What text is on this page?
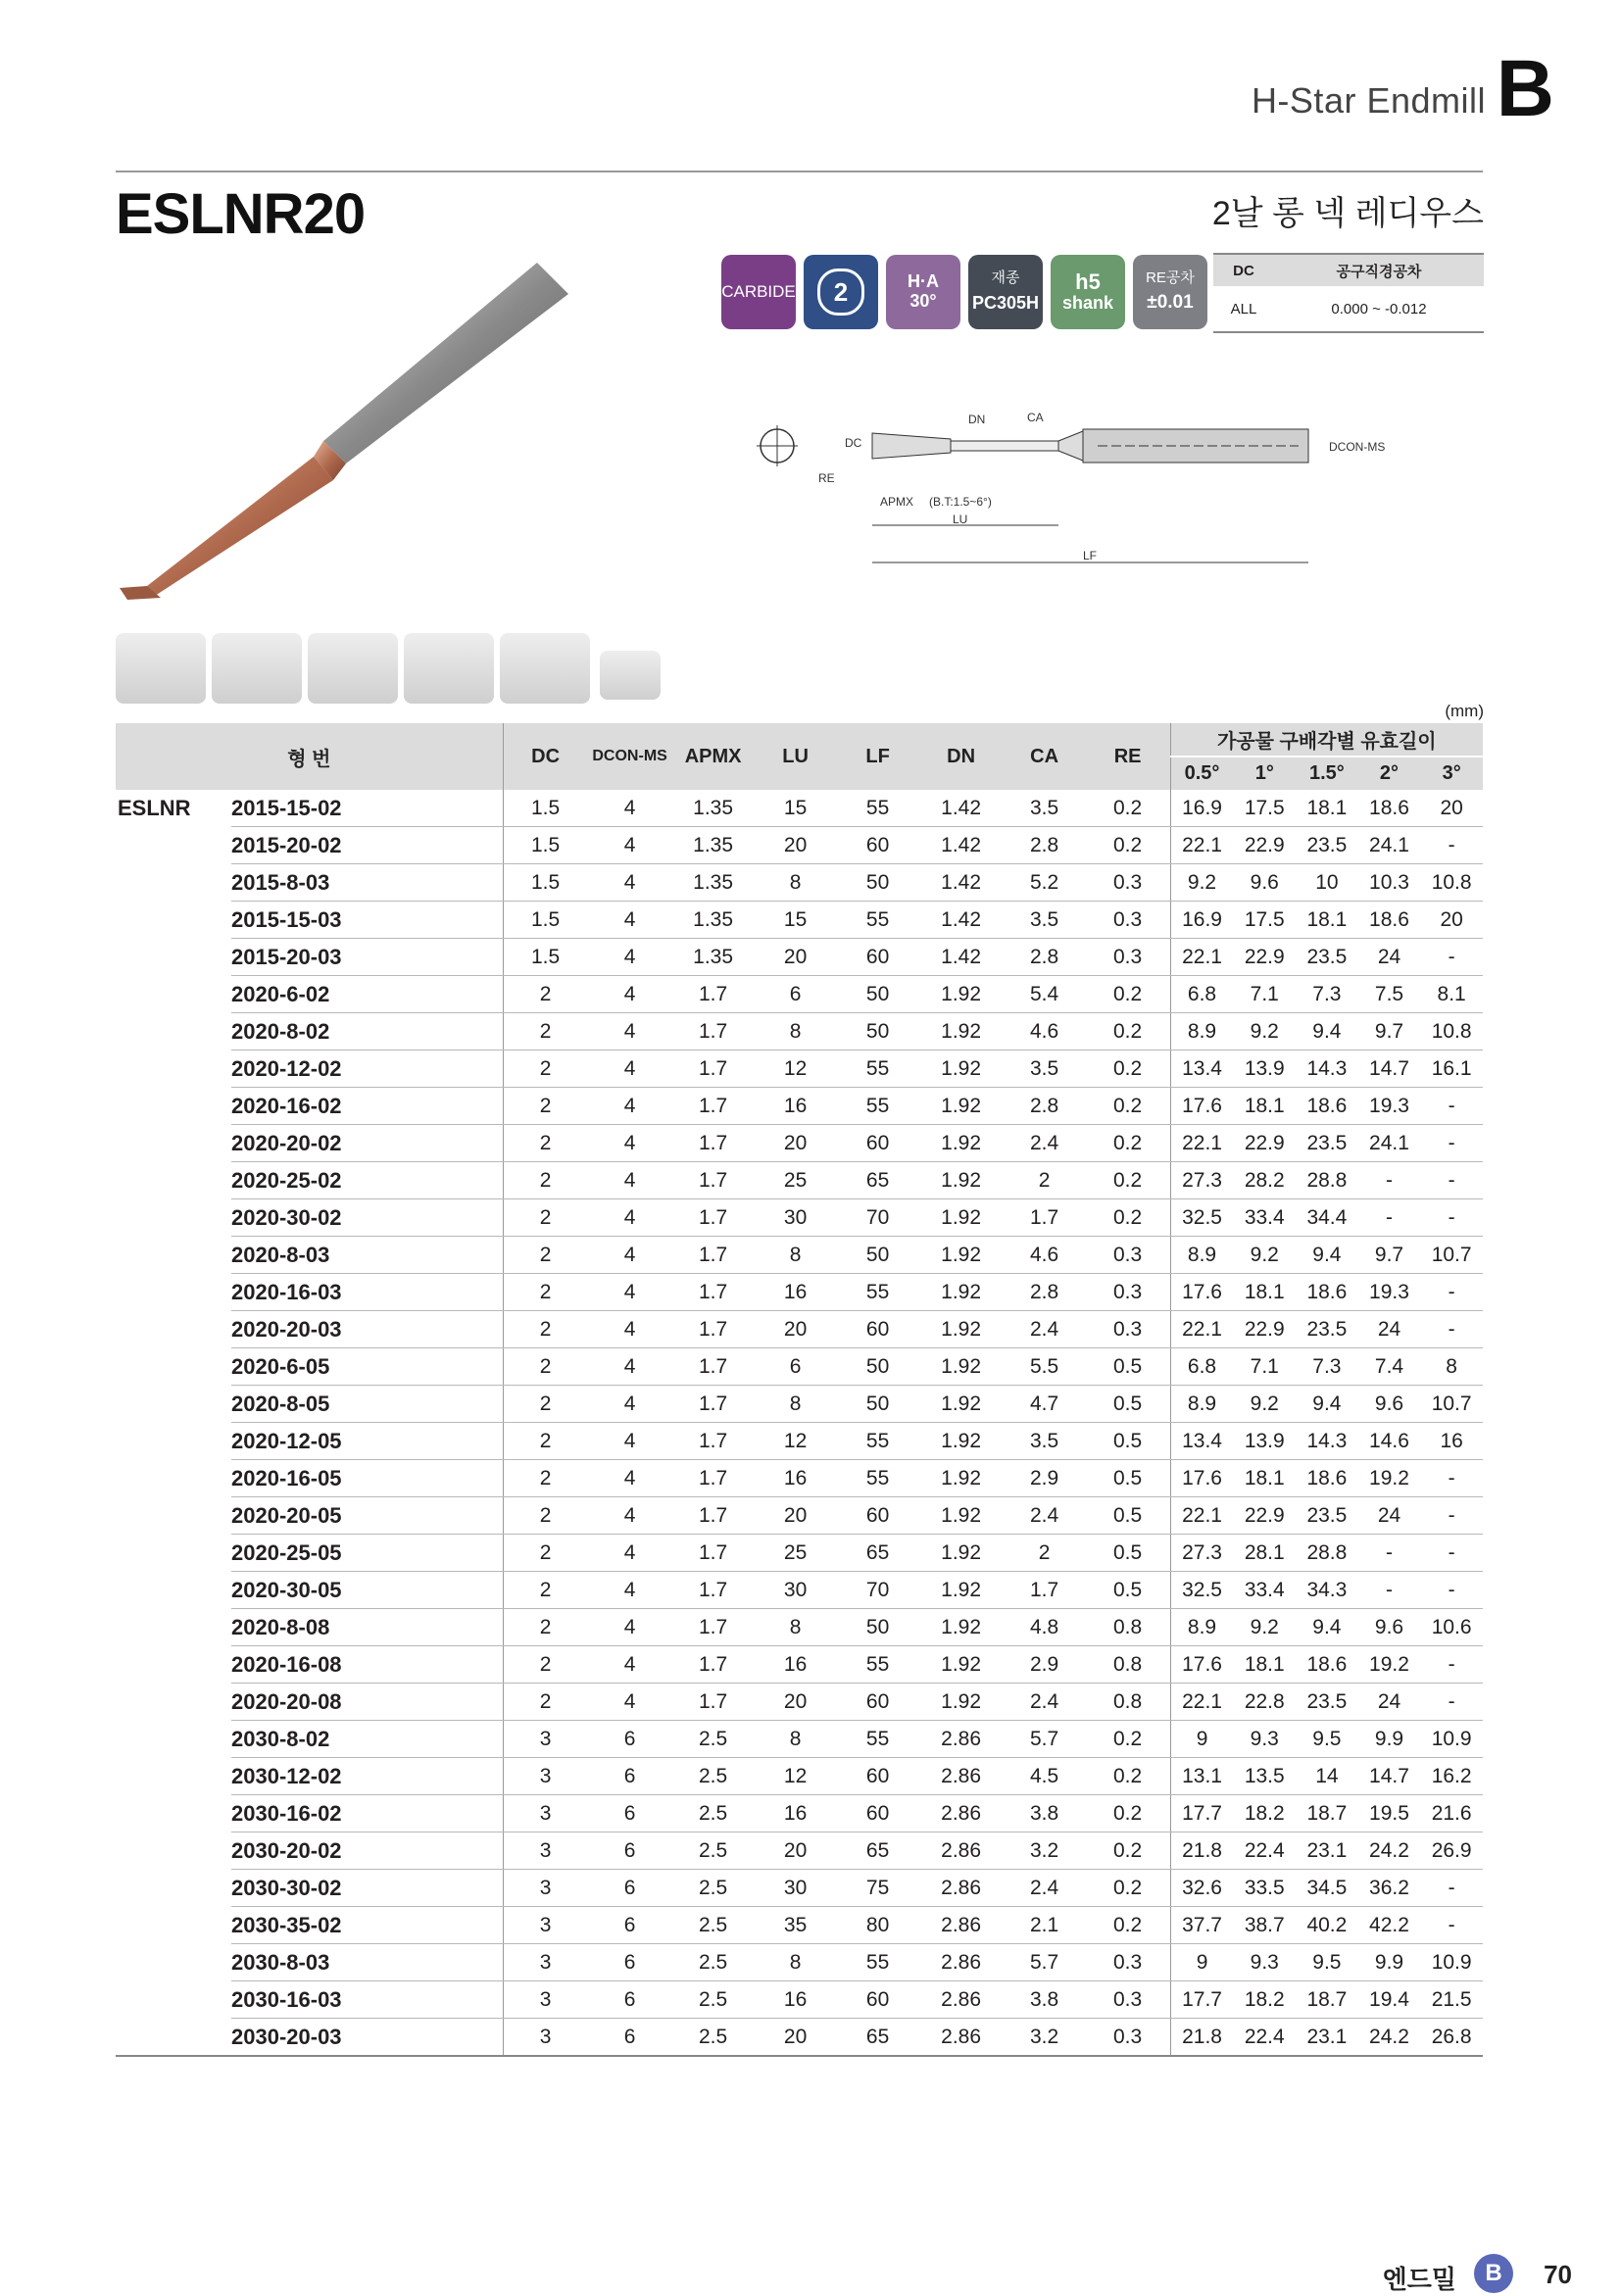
H-Star Endmill B
ESLNR20	2날 롱 넥 레디우스
CARBIDE	2	H·A
30°
재종
PC305H
h5
shank
RE공차
±0.01
DC	공구직경공차
ALL	0.000 ~ -0.012
DC
RE
DN	CA
DCON-MS
APMX (B.T:1.5~6°)
LU
LF
(mm)
형 번		DC	DCON-MS	APMX	LU	LF	DN	CA	RE	가공물 구배각별 유효길이				
										0.5°	1°	1.5°	2°	3°
ESLNR	2015-15-02	1.5	4	1.35	15	55	1.42	3.5	0.2	16.9	17.5	18.1	18.6	20
	2015-20-02	1.5	4	1.35	20	60	1.42	2.8	0.2	22.1	22.9	23.5	24.1	-
	2015-8-03	1.5	4	1.35	8	50	1.42	5.2	0.3	9.2	9.6	10	10.3	10.8
	2015-15-03	1.5	4	1.35	15	55	1.42	3.5	0.3	16.9	17.5	18.1	18.6	20
	2015-20-03	1.5	4	1.35	20	60	1.42	2.8	0.3	22.1	22.9	23.5	24	-
	2020-6-02	2	4	1.7	6	50	1.92	5.4	0.2	6.8	7.1	7.3	7.5	8.1
	2020-8-02	2	4	1.7	8	50	1.92	4.6	0.2	8.9	9.2	9.4	9.7	10.8
	2020-12-02	2	4	1.7	12	55	1.92	3.5	0.2	13.4	13.9	14.3	14.7	16.1
	2020-16-02	2	4	1.7	16	55	1.92	2.8	0.2	17.6	18.1	18.6	19.3	-
	2020-20-02	2	4	1.7	20	60	1.92	2.4	0.2	22.1	22.9	23.5	24.1	-
	2020-25-02	2	4	1.7	25	65	1.92	2	0.2	27.3	28.2	28.8	-	-
	2020-30-02	2	4	1.7	30	70	1.92	1.7	0.2	32.5	33.4	34.4	-	-
	2020-8-03	2	4	1.7	8	50	1.92	4.6	0.3	8.9	9.2	9.4	9.7	10.7
	2020-16-03	2	4	1.7	16	55	1.92	2.8	0.3	17.6	18.1	18.6	19.3	-
	2020-20-03	2	4	1.7	20	60	1.92	2.4	0.3	22.1	22.9	23.5	24	-
	2020-6-05	2	4	1.7	6	50	1.92	5.5	0.5	6.8	7.1	7.3	7.4	8
	2020-8-05	2	4	1.7	8	50	1.92	4.7	0.5	8.9	9.2	9.4	9.6	10.7
	2020-12-05	2	4	1.7	12	55	1.92	3.5	0.5	13.4	13.9	14.3	14.6	16
	2020-16-05	2	4	1.7	16	55	1.92	2.9	0.5	17.6	18.1	18.6	19.2	-
	2020-20-05	2	4	1.7	20	60	1.92	2.4	0.5	22.1	22.9	23.5	24	-
	2020-25-05	2	4	1.7	25	65	1.92	2	0.5	27.3	28.1	28.8	-	-
	2020-30-05	2	4	1.7	30	70	1.92	1.7	0.5	32.5	33.4	34.3	-	-
	2020-8-08	2	4	1.7	8	50	1.92	4.8	0.8	8.9	9.2	9.4	9.6	10.6
	2020-16-08	2	4	1.7	16	55	1.92	2.9	0.8	17.6	18.1	18.6	19.2	-
	2020-20-08	2	4	1.7	20	60	1.92	2.4	0.8	22.1	22.8	23.5	24	-
	2030-8-02	3	6	2.5	8	55	2.86	5.7	0.2	9	9.3	9.5	9.9	10.9
	2030-12-02	3	6	2.5	12	60	2.86	4.5	0.2	13.1	13.5	14	14.7	16.2
	2030-16-02	3	6	2.5	16	60	2.86	3.8	0.2	17.7	18.2	18.7	19.5	21.6
	2030-20-02	3	6	2.5	20	65	2.86	3.2	0.2	21.8	22.4	23.1	24.2	26.9
	2030-30-02	3	6	2.5	30	75	2.86	2.4	0.2	32.6	33.5	34.5	36.2	-
	2030-35-02	3	6	2.5	35	80	2.86	2.1	0.2	37.7	38.7	40.2	42.2	-
	2030-8-03	3	6	2.5	8	55	2.86	5.7	0.3	9	9.3	9.5	9.9	10.9
	2030-16-03	3	6	2.5	16	60	2.86	3.8	0.3	17.7	18.2	18.7	19.4	21.5
	2030-20-03	3	6	2.5	20	65	2.86	3.2	0.3	21.8	22.4	23.1	24.2	26.8
엔드밀	B	70
